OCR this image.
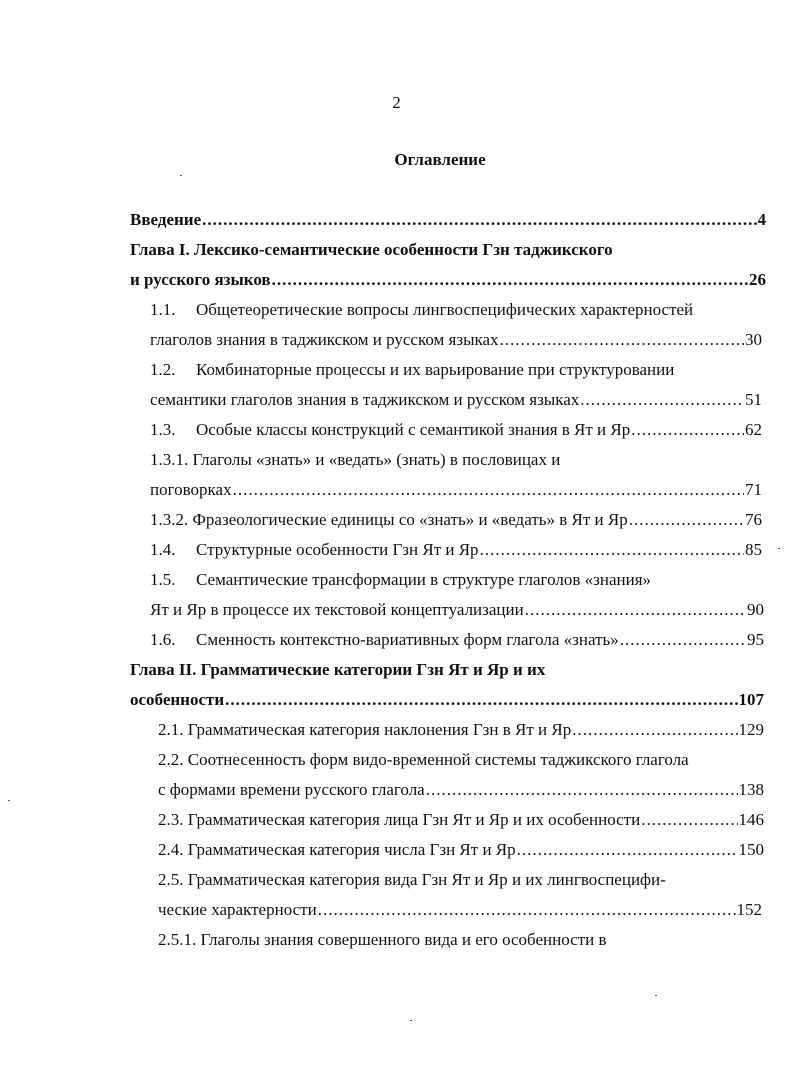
2
Оглавление
Введение .....	4
Глава I. Лексико-семантические особенности Гзн таджикского
и русского языков .....	26
1.1. Общетеоретические вопросы лингвоспецифических характерностей
глаголов знания в таджикском и русском языках .....	30
1.2. Комбинаторные процессы и их варьирование при структуровании
семантики глаголов знания в таджикском и русском языках .....	51
1.3. Особые классы конструкций с семантикой знания в Ят и Яр .....	62
1.3.1. Глаголы «знать» и «ведать» (знать) в пословицах и
поговорках .....	71
1.3.2. Фразеологические единицы со «знать» и «ведать» в Ят и Яр .....	76
1.4. Структурные особенности Гзн Ят и Яр .....	85
1.5. Семантические трансформации в структуре глаголов «знания»
Ят и Яр в процессе их текстовой концептуализации .....	90
1.6. Сменность контекстно-вариативных форм глагола «знать» .....	95
Глава II. Грамматические категории Гзн Ят и Яр и их
особенности .....	107
2.1. Грамматическая категория наклонения Гзн в Ят и Яр .....	129
2.2. Соотнесенность форм видо-временной системы таджикского глагола
с формами времени русского глагола .....	138
2.3. Грамматическая категория лица Гзн Ят и Яр и их особенности .....	146
2.4. Грамматическая категория числа Гзн Ят и Яр .....	150
2.5. Грамматическая категория вида Гзн Ят и Яр и их лингвоспецифи-
ческие характерности .....	152
2.5.1. Глаголы знания совершенного вида и его особенности в
